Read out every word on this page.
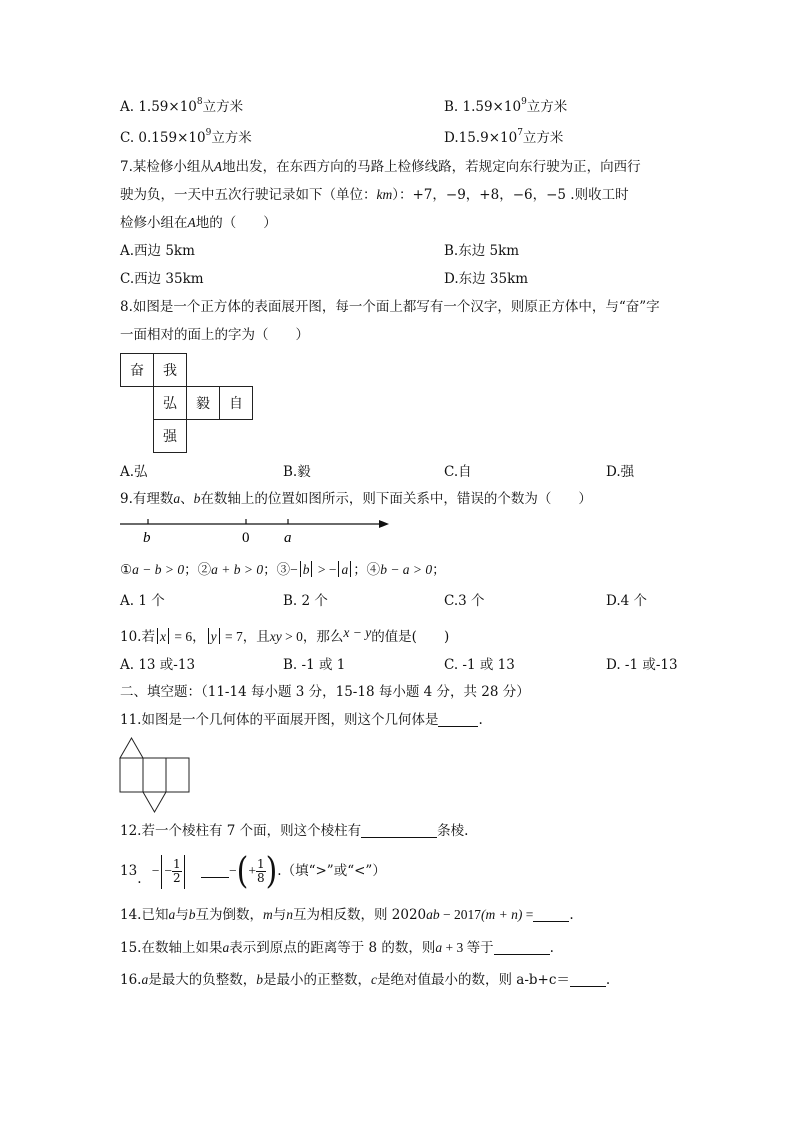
A. $1.59\times 10^8$立方米	B. $1.59\times 10^9$立方米
C. $0.159\times 10^9$立方米	$D.15.9\times 10^7$立方米
7.某检修小组从A地出发，在东西方向的马路上检修线路，若规定向东行驶为正，向西行
驶为负，一天中五次行驶记录如下（单位：km）：+7，−9，+8，−6，−5 .则收工时
检修小组在A地的（　　）
A.西边 5km	B.东边 5km
C.西边 35km	D.东边 35km
8.如图是一个正方体的表面展开图，每一个面上都写有一个汉字，则原正方体中，与“奋”字
一面相对的面上的字为（　　）
奋	我
弘	毅	自
强
A.弘	B.毅	C.自	D.强
9.有理数a、b在数轴上的位置如图所示，则下面关系中，错误的个数为（　　）
b	0 a
①a − b > 0；②a + b > 0；③− b > − a ；④b − a > 0；
A. 1 个	B. 2 个	C.3 个	D.4 个
10.若 x = 6， y = 7，且xy > 0，那么x − y的值是(　　)
A. 13 或-13	B. -1 或 1	C. -1 或 13	D. -1 或-13
二、填空题：（11-14 每小题 3 分，15-18 每小题 4 分，共 28 分）
11.如图是一个几何体的平面展开图，则这个几何体是	.
12.若一个棱柱有 7 个面，则这个棱柱有	条棱.
13. − − $\frac{1}{2}$	−(+ $\frac{1}{8}$ ).（填“>”或“<”）
14.已知a与b互为倒数，m与n互为相反数，则 2020ab − 2017(m + n) =	.
15.在数轴上如果a表示到原点的距离等于 8 的数，则a + 3 等于	.
16.a是最大的负整数，b是最小的正整数，c是绝对值最小的数，则 a-b+c＝	.
